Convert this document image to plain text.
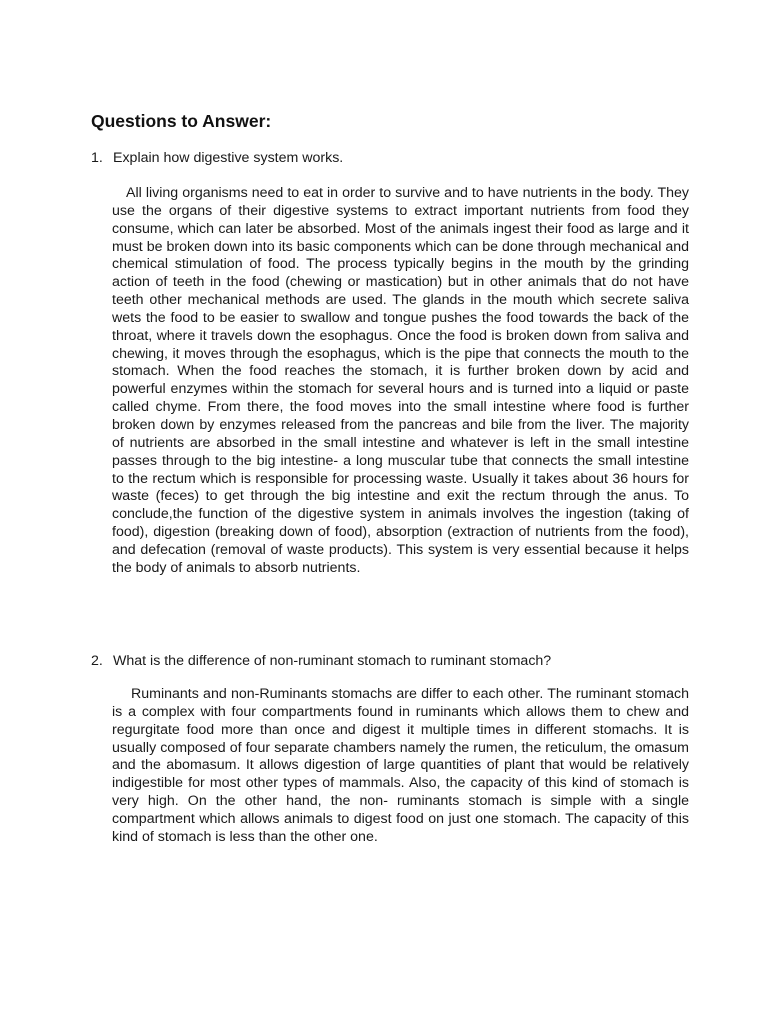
Questions to Answer:

1. Explain how digestive system works.

All living organisms need to eat in order to survive and to have nutrients in the body. They use the organs of their digestive systems to extract important nutrients from food they consume, which can later be absorbed. Most of the animals ingest their food as large and it must be broken down into its basic components which can be done through mechanical and chemical stimulation of food. The process typically begins in the mouth by the grinding action of teeth in the food (chewing or mastication) but in other animals that do not have teeth other mechanical methods are used. The glands in the mouth which secrete saliva wets the food to be easier to swallow and tongue pushes the food towards the back of the throat, where it travels down the esophagus. Once the food is broken down from saliva and chewing, it moves through the esophagus, which is the pipe that connects the mouth to the stomach. When the food reaches the stomach, it is further broken down by acid and powerful enzymes within the stomach for several hours and is turned into a liquid or paste called chyme. From there, the food moves into the small intestine where food is further broken down by enzymes released from the pancreas and bile from the liver. The majority of nutrients are absorbed in the small intestine and whatever is left in the small intestine passes through to the big intestine- a long muscular tube that connects the small intestine to the rectum which is responsible for processing waste. Usually it takes about 36 hours for waste (feces) to get through the big intestine and exit the rectum through the anus. To conclude,the function of the digestive system in animals involves the ingestion (taking of food), digestion (breaking down of food), absorption (extraction of nutrients from the food), and defecation (removal of waste products). This system is very essential because it helps the body of animals to absorb nutrients.

2. What is the difference of non-ruminant stomach to ruminant stomach?

Ruminants and non-Ruminants stomachs are differ to each other. The ruminant stomach is a complex with four compartments found in ruminants which allows them to chew and regurgitate food more than once and digest it multiple times in different stomachs. It is usually composed of four separate chambers namely the rumen, the reticulum, the omasum and the abomasum. It allows digestion of large quantities of plant that would be relatively indigestible for most other types of mammals. Also, the capacity of this kind of stomach is very high. On the other hand, the non- ruminants stomach is simple with a single compartment which allows animals to digest food on just one stomach. The capacity of this kind of stomach is less than the other one.
